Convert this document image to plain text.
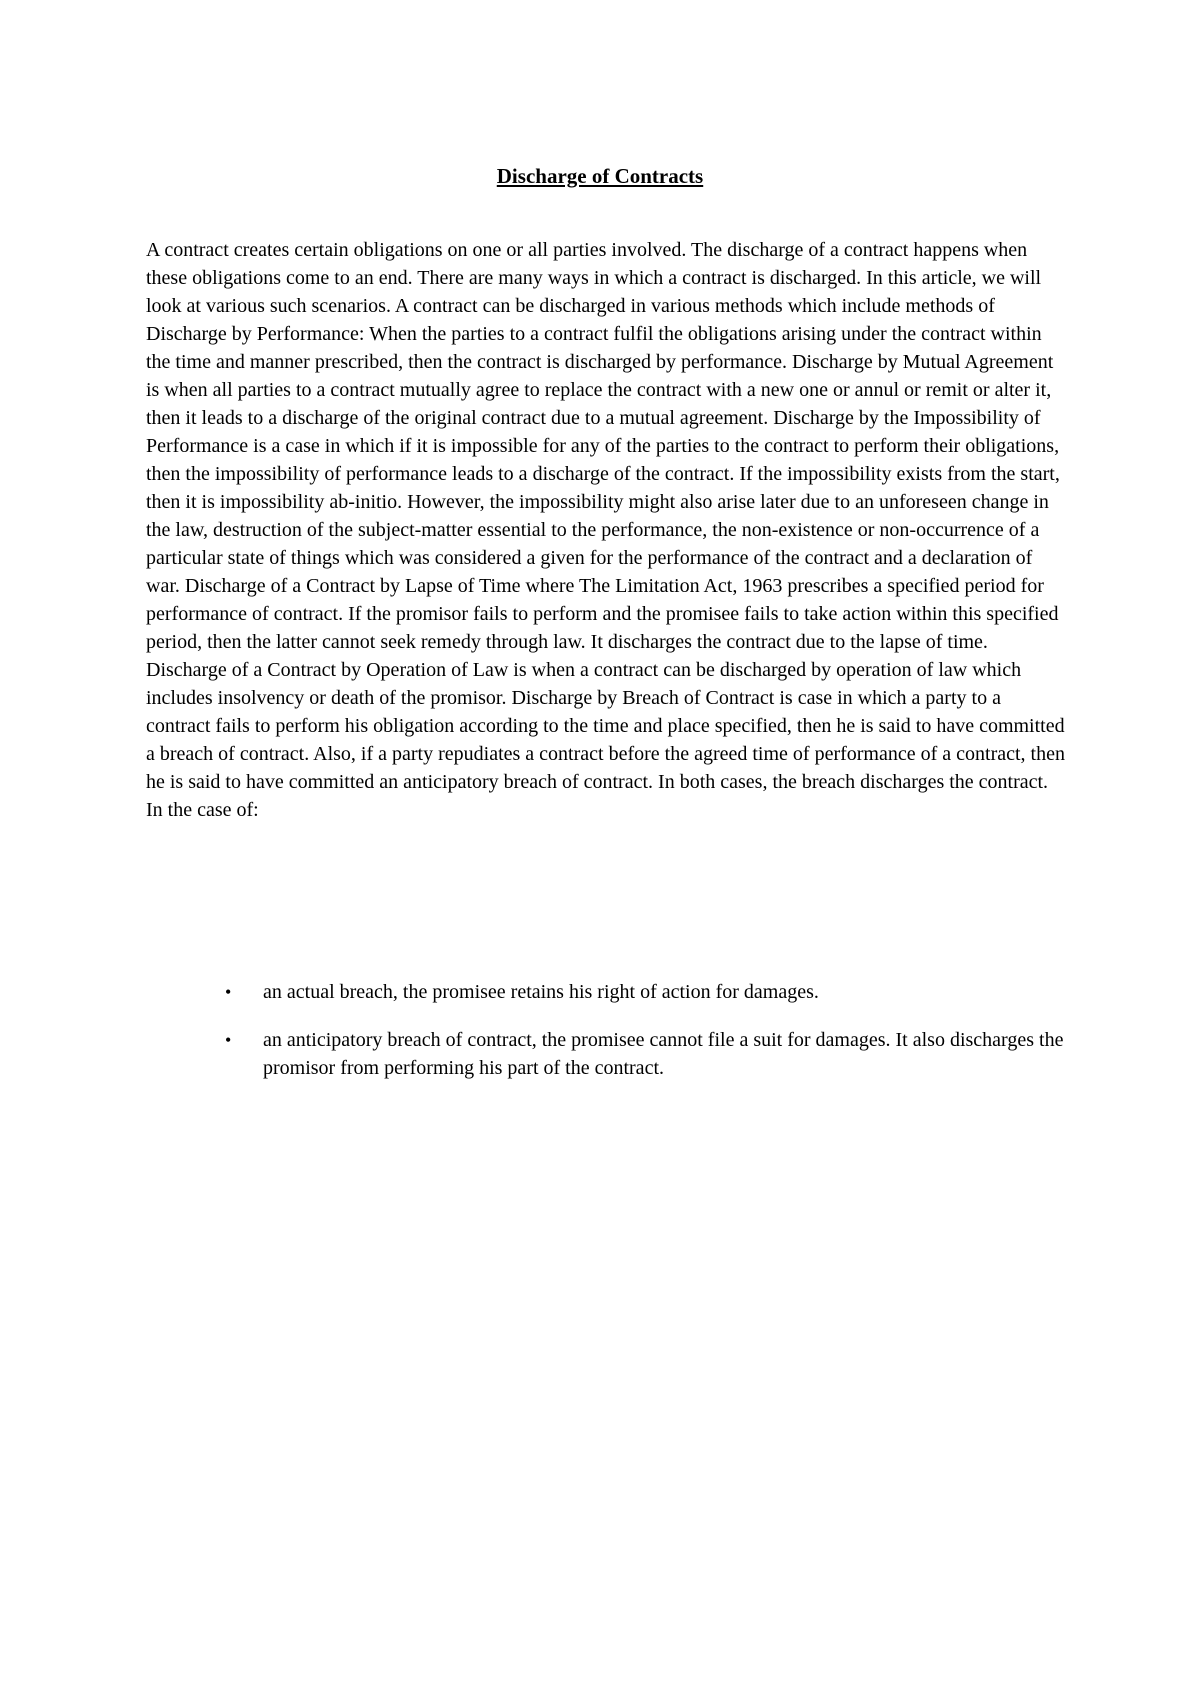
Discharge of Contracts

A contract creates certain obligations on one or all parties involved. The discharge of a contract happens when these obligations come to an end. There are many ways in which a contract is discharged. In this article, we will look at various such scenarios. A contract can be discharged in various methods which include methods of Discharge by Performance: When the parties to a contract fulfil the obligations arising under the contract within the time and manner prescribed, then the contract is discharged by performance. Discharge by Mutual Agreement is when all parties to a contract mutually agree to replace the contract with a new one or annul or remit or alter it, then it leads to a discharge of the original contract due to a mutual agreement. Discharge by the Impossibility of Performance is a case in which if it is impossible for any of the parties to the contract to perform their obligations, then the impossibility of performance leads to a discharge of the contract. If the impossibility exists from the start, then it is impossibility ab-initio. However, the impossibility might also arise later due to an unforeseen change in the law, destruction of the subject-matter essential to the performance, the non-existence or non-occurrence of a particular state of things which was considered a given for the performance of the contract and a declaration of war. Discharge of a Contract by Lapse of Time where The Limitation Act, 1963 prescribes a specified period for performance of contract. If the promisor fails to perform and the promisee fails to take action within this specified period, then the latter cannot seek remedy through law. It discharges the contract due to the lapse of time. Discharge of a Contract by Operation of Law is when a contract can be discharged by operation of law which includes insolvency or death of the promisor. Discharge by Breach of Contract is case in which a party to a contract fails to perform his obligation according to the time and place specified, then he is said to have committed a breach of contract. Also, if a party repudiates a contract before the agreed time of performance of a contract, then he is said to have committed an anticipatory breach of contract. In both cases, the breach discharges the contract. In the case of:

• an actual breach, the promisee retains his right of action for damages.
• an anticipatory breach of contract, the promisee cannot file a suit for damages. It also discharges the promisor from performing his part of the contract.
